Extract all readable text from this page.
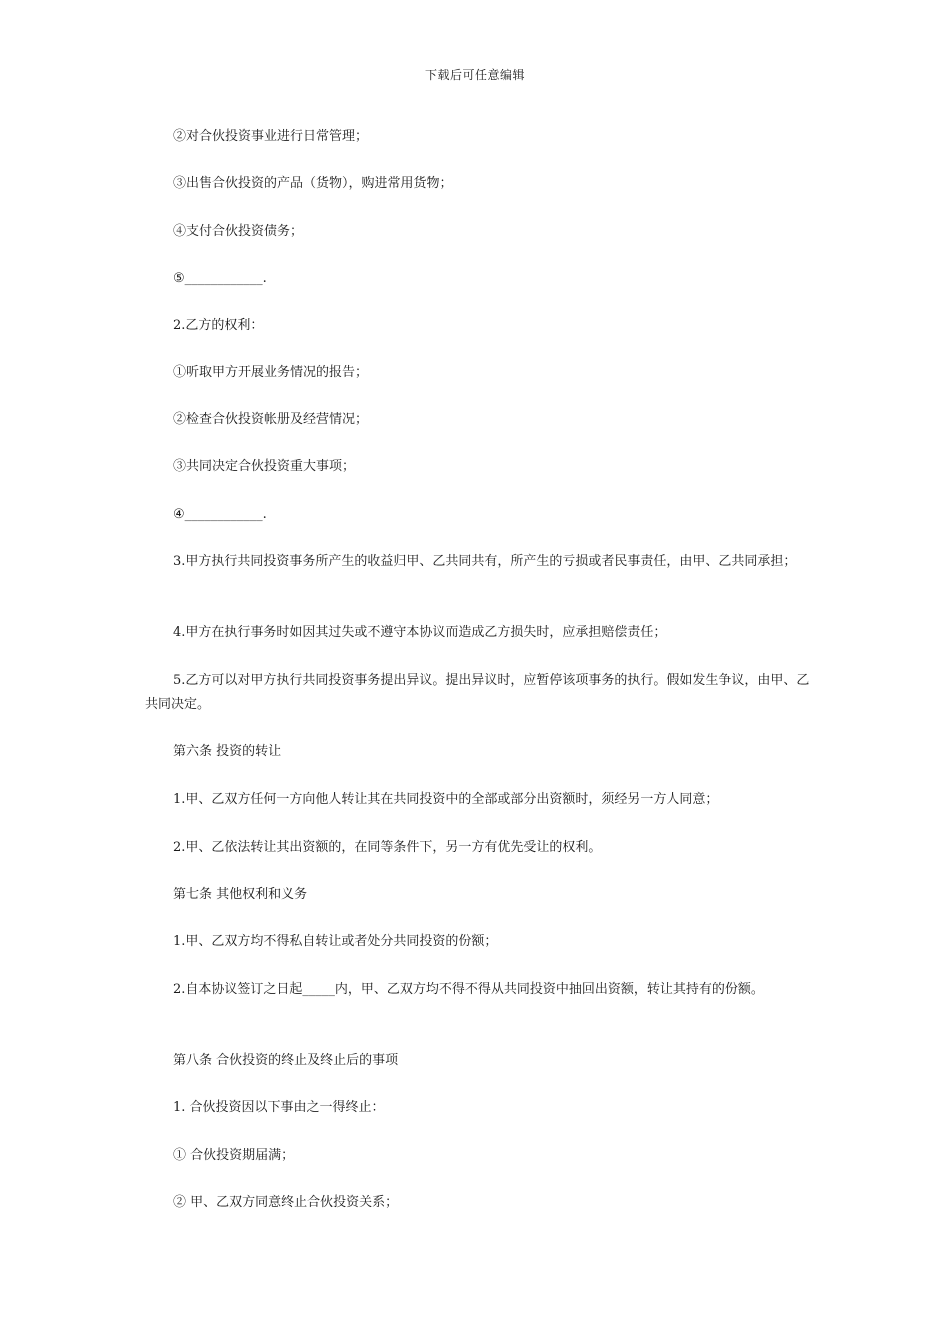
下载后可任意编辑
②对合伙投资事业进行日常管理；
③出售合伙投资的产品（货物），购进常用货物；
④支付合伙投资债务；
⑤____________.
2.乙方的权利：
①听取甲方开展业务情况的报告；
②检查合伙投资帐册及经营情况；
③共同决定合伙投资重大事项；
④____________.
3.甲方执行共同投资事务所产生的收益归甲、乙共同共有，所产生的亏损或者民事责任，由甲、乙共同承担；
4.甲方在执行事务时如因其过失或不遵守本协议而造成乙方损失时，应承担赔偿责任；
5.乙方可以对甲方执行共同投资事务提出异议。提出异议时，应暂停该项事务的执行。假如发生争议，由甲、乙共同决定。
第六条 投资的转让
1.甲、乙双方任何一方向他人转让其在共同投资中的全部或部分出资额时，须经另一方人同意；
2.甲、乙依法转让其出资额的，在同等条件下，另一方有优先受让的权利。
第七条 其他权利和义务
1.甲、乙双方均不得私自转让或者处分共同投资的份额；
2.自本协议签订之日起_____内，甲、乙双方均不得不得从共同投资中抽回出资额，转让其持有的份额。
第八条 合伙投资的终止及终止后的事项
1. 合伙投资因以下事由之一得终止：
① 合伙投资期届满；
② 甲、乙双方同意终止合伙投资关系；
